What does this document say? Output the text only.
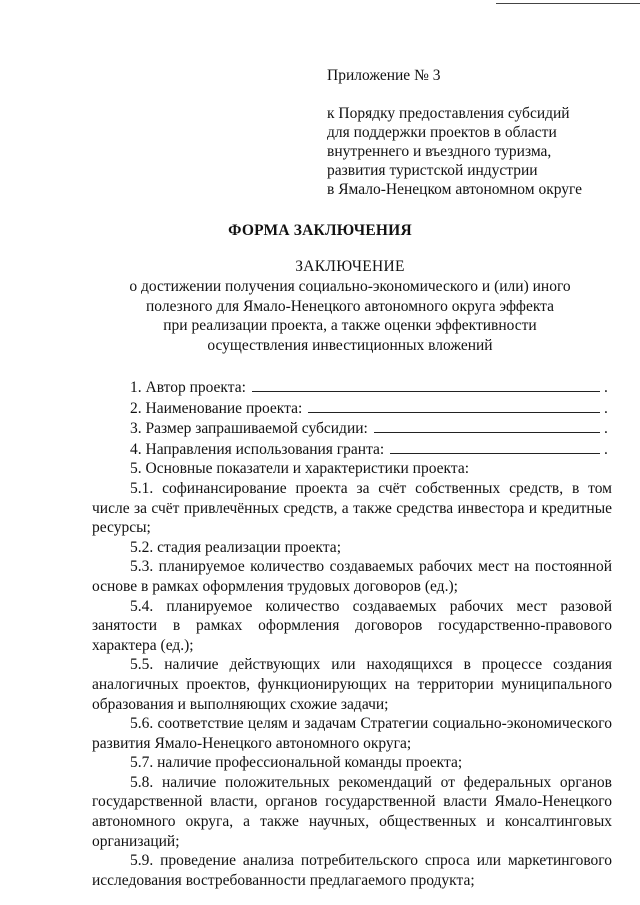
Приложение № 3
к Порядку предоставления субсидий
для поддержки проектов в области
внутреннего и въездного туризма,
развития туристской индустрии
в Ямало-Ненецком автономном округе
ФОРМА ЗАКЛЮЧЕНИЯ
ЗАКЛЮЧЕНИЕ
о достижении получения социально-экономического и (или) иного
полезного для Ямало-Ненецкого автономного округа эффекта
при реализации проекта, а также оценки эффективности
осуществления инвестиционных вложений
1. Автор проекта:	.
2. Наименование проекта:	.
3. Размер запрашиваемой субсидии:	.
4. Направления использования гранта:	.
5. Основные показатели и характеристики проекта:
5.1. софинансирование проекта за счёт собственных средств, в том числе за счёт привлечённых средств, а также средства инвестора и кредитные ресурсы;
5.2. стадия реализации проекта;
5.3. планируемое количество создаваемых рабочих мест на постоянной основе в рамках оформления трудовых договоров (ед.);
5.4. планируемое количество создаваемых рабочих мест разовой занятости в рамках оформления договоров государственно-правового характера (ед.);
5.5. наличие действующих или находящихся в процессе создания аналогичных проектов, функционирующих на территории муниципального образования и выполняющих схожие задачи;
5.6. соответствие целям и задачам Стратегии социально-экономического развития Ямало-Ненецкого автономного округа;
5.7. наличие профессиональной команды проекта;
5.8. наличие положительных рекомендаций от федеральных органов государственной власти, органов государственной власти Ямало-Ненецкого автономного округа, а также научных, общественных и консалтинговых организаций;
5.9. проведение анализа потребительского спроса или маркетингового исследования востребованности предлагаемого продукта;
